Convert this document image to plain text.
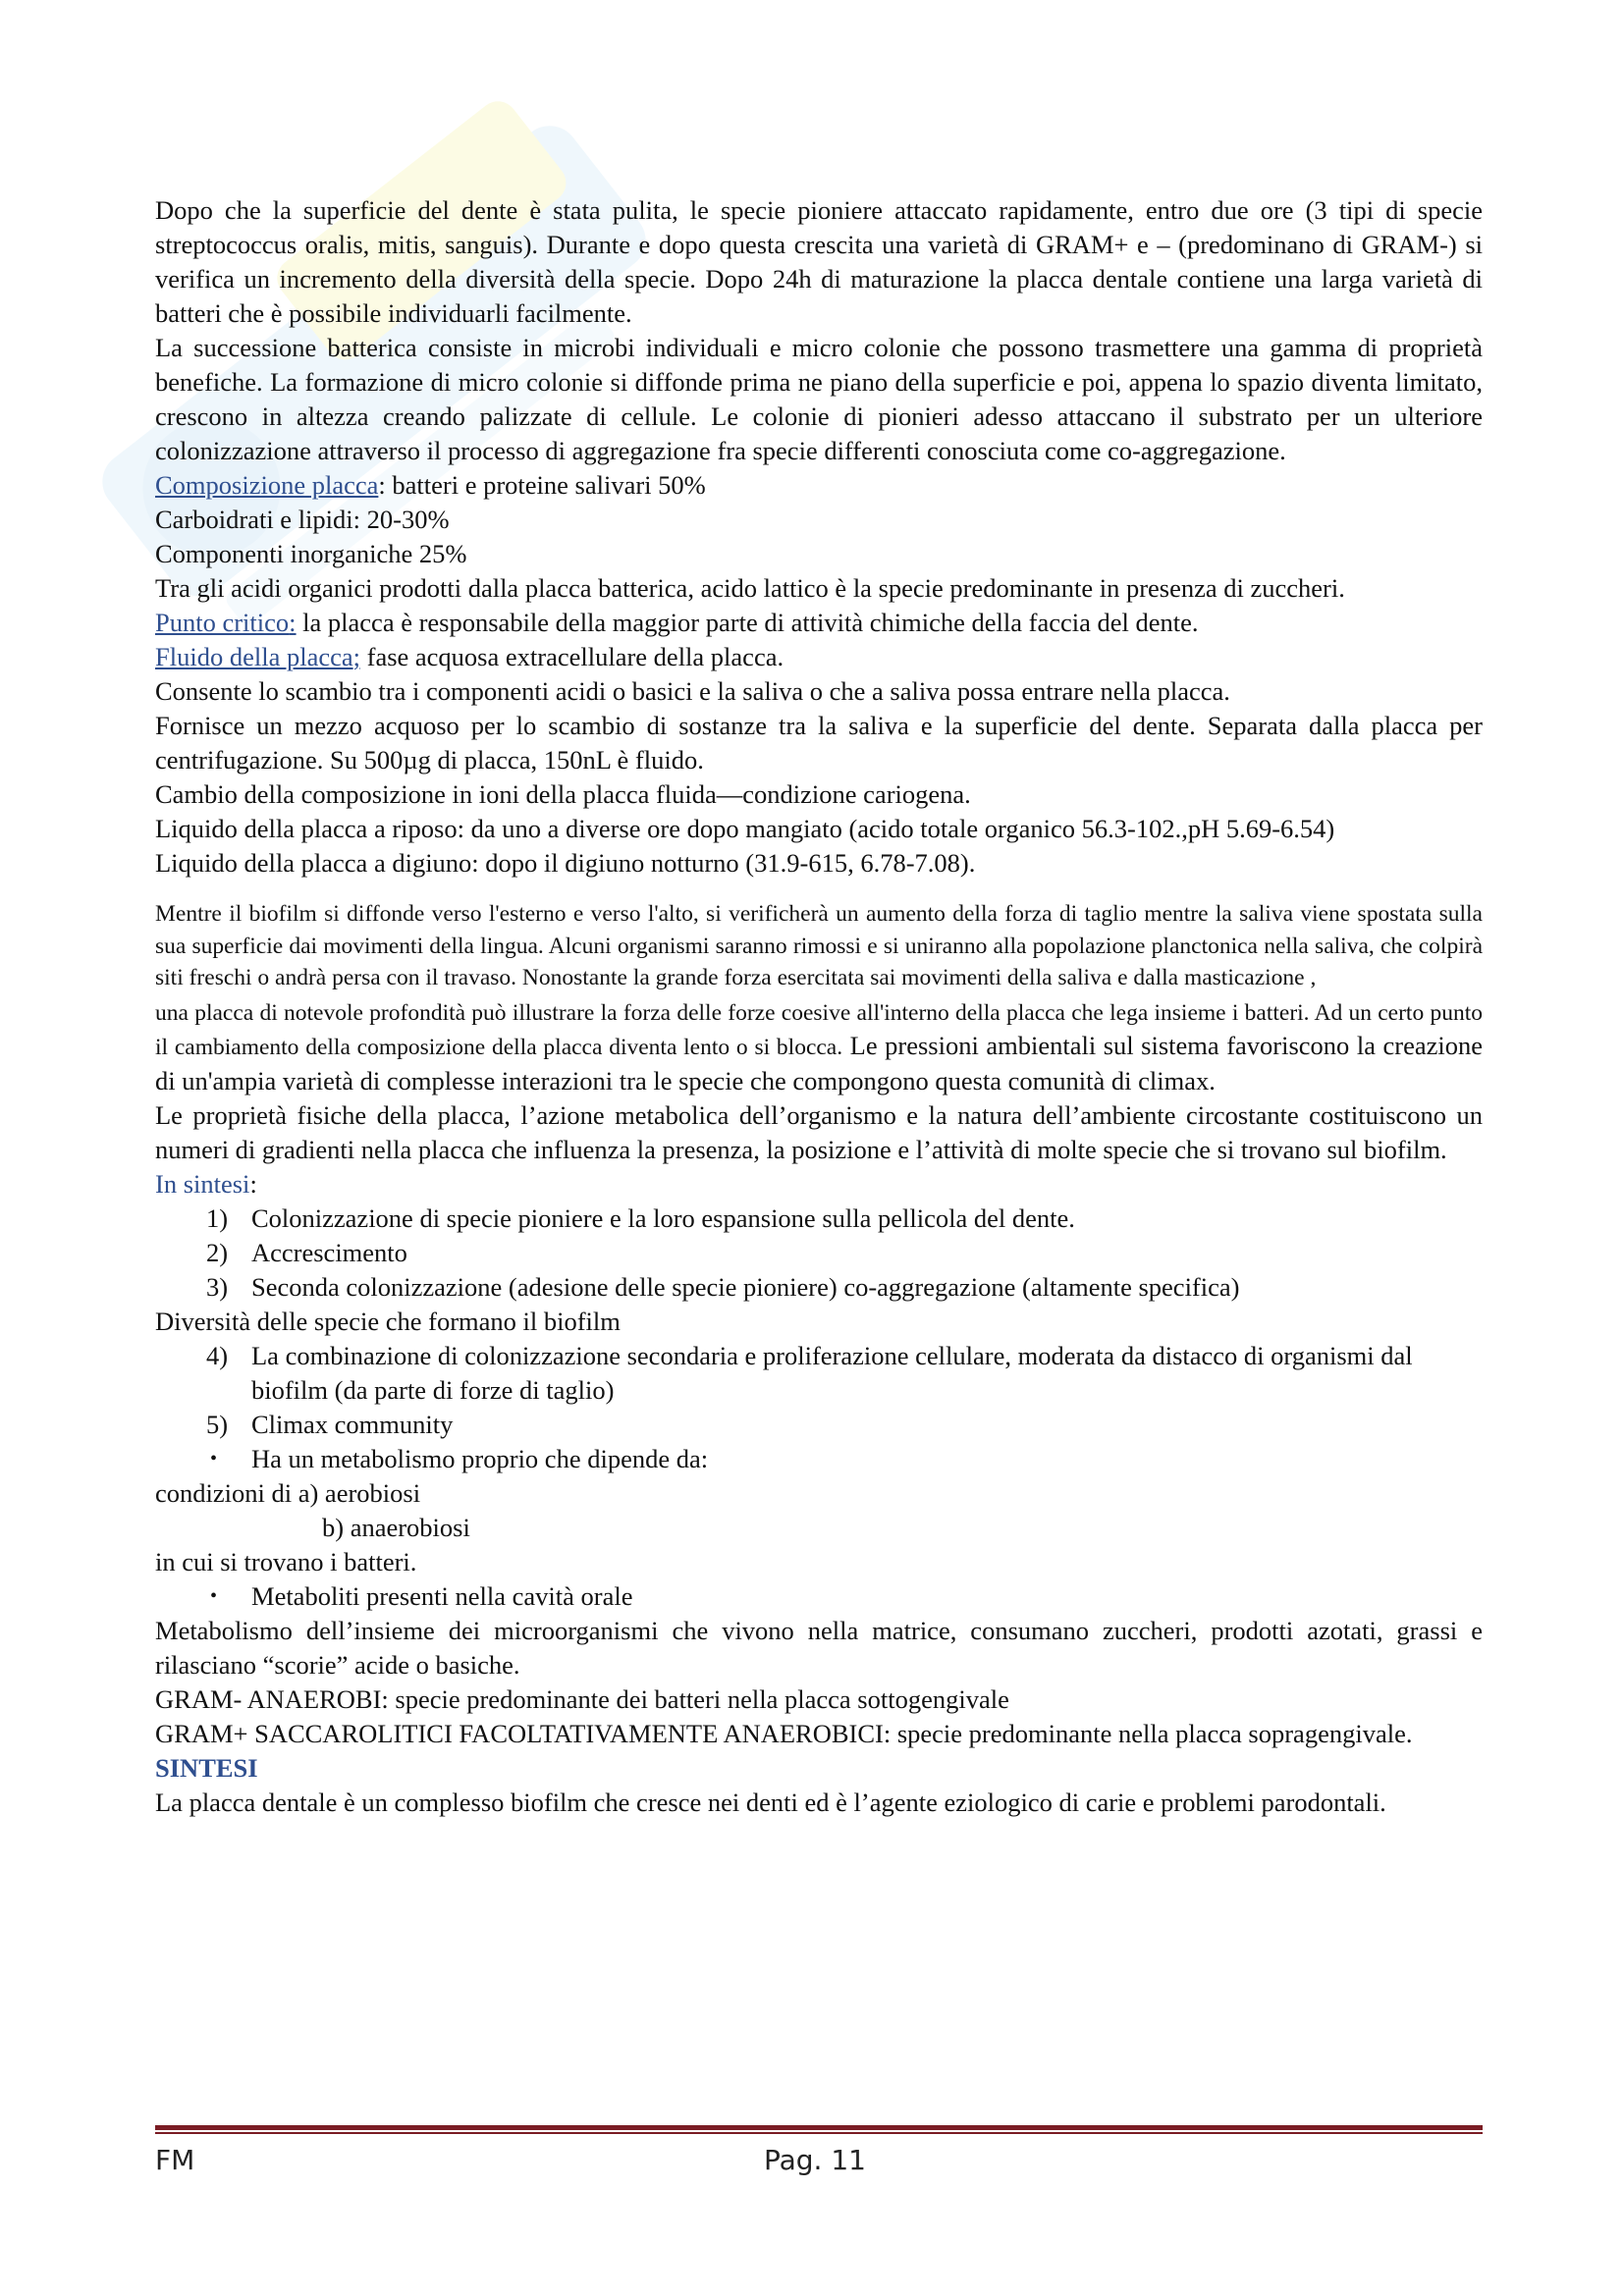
Dopo che la superficie del dente è stata pulita, le specie pioniere attaccato rapidamente, entro due ore (3 tipi di specie streptococcus oralis, mitis, sanguis). Durante e dopo questa crescita una varietà di GRAM+ e – (predominano di GRAM-) si verifica un incremento della diversità della specie. Dopo 24h di maturazione la placca dentale contiene una larga varietà di batteri che è possibile individuarli facilmente.

La successione batterica consiste in microbi individuali e micro colonie che possono trasmettere una gamma di proprietà benefiche. La formazione di micro colonie si diffonde prima ne piano della superficie e poi, appena lo spazio diventa limitato, crescono in altezza creando palizzate di cellule. Le colonie di pionieri adesso attaccano il substrato per un ulteriore colonizzazione attraverso il processo di aggregazione fra specie differenti conosciuta come co-aggregazione.

Composizione placca: batteri e proteine salivari 50%

Carboidrati e lipidi: 20-30%

Componenti inorganiche 25%

Tra gli acidi organici prodotti dalla placca batterica, acido lattico è la specie predominante in presenza di zuccheri.

Punto critico: la placca è responsabile della maggior parte di attività chimiche della faccia del dente.

Fluido della placca; fase acquosa extracellulare della placca.

Consente lo scambio tra i componenti acidi o basici e la saliva o che a saliva possa entrare nella placca.

Fornisce un mezzo acquoso per lo scambio di sostanze tra la saliva e la superficie del dente. Separata dalla placca per centrifugazione. Su 500µg di placca, 150nL è fluido.

Cambio della composizione in ioni della placca fluida—condizione cariogena.

Liquido della placca a riposo: da uno a diverse ore dopo mangiato (acido totale organico 56.3-102.,pH 5.69-6.54)

Liquido della placca a digiuno: dopo il digiuno notturno (31.9-615, 6.78-7.08).

Mentre il biofilm si diffonde verso l'esterno e verso l'alto, si verificherà un aumento della forza di taglio mentre la saliva viene spostata sulla sua superficie dai movimenti della lingua. Alcuni organismi saranno rimossi e si uniranno alla popolazione planctonica nella saliva, che colpirà siti freschi o andrà persa con il travaso. Nonostante la grande forza esercitata sai movimenti della saliva e dalla masticazione ,

una placca di notevole profondità può illustrare la forza delle forze coesive all'interno della placca che lega insieme i batteri. Ad un certo punto il cambiamento della composizione della placca diventa lento o si blocca. Le pressioni ambientali sul sistema favoriscono la creazione di un'ampia varietà di complesse interazioni tra le specie che compongono questa comunità di climax.

Le proprietà fisiche della placca, l’azione metabolica dell’organismo e la natura dell’ambiente circostante costituiscono un numeri di gradienti nella placca che influenza la presenza, la posizione e l’attività di molte specie che si trovano sul biofilm.

In sintesi:

1) Colonizzazione di specie pioniere e la loro espansione sulla pellicola del dente.
2) Accrescimento
3) Seconda colonizzazione (adesione delle specie pioniere) co-aggregazione (altamente specifica)

Diversità delle specie che formano il biofilm

4) La combinazione di colonizzazione secondaria e proliferazione cellulare, moderata da distacco di organismi dal biofilm (da parte di forze di taglio)
5) Climax community
• Ha un metabolismo proprio che dipende da:

condizioni di a) aerobiosi

b) anaerobiosi

in cui si trovano i batteri.

• Metaboliti presenti nella cavità orale

Metabolismo dell’insieme dei microorganismi che vivono nella matrice, consumano zuccheri, prodotti azotati, grassi e rilasciano “scorie” acide o basiche.

GRAM- ANAEROBI: specie predominante dei batteri nella placca sottogengivale

GRAM+ SACCAROLITICI FACOLTATIVAMENTE ANAEROBICI: specie predominante nella placca sopragengivale.

SINTESI

La placca dentale è un complesso biofilm che cresce nei denti ed è l’agente eziologico di carie e problemi parodontali.

FM	Pag. 11
